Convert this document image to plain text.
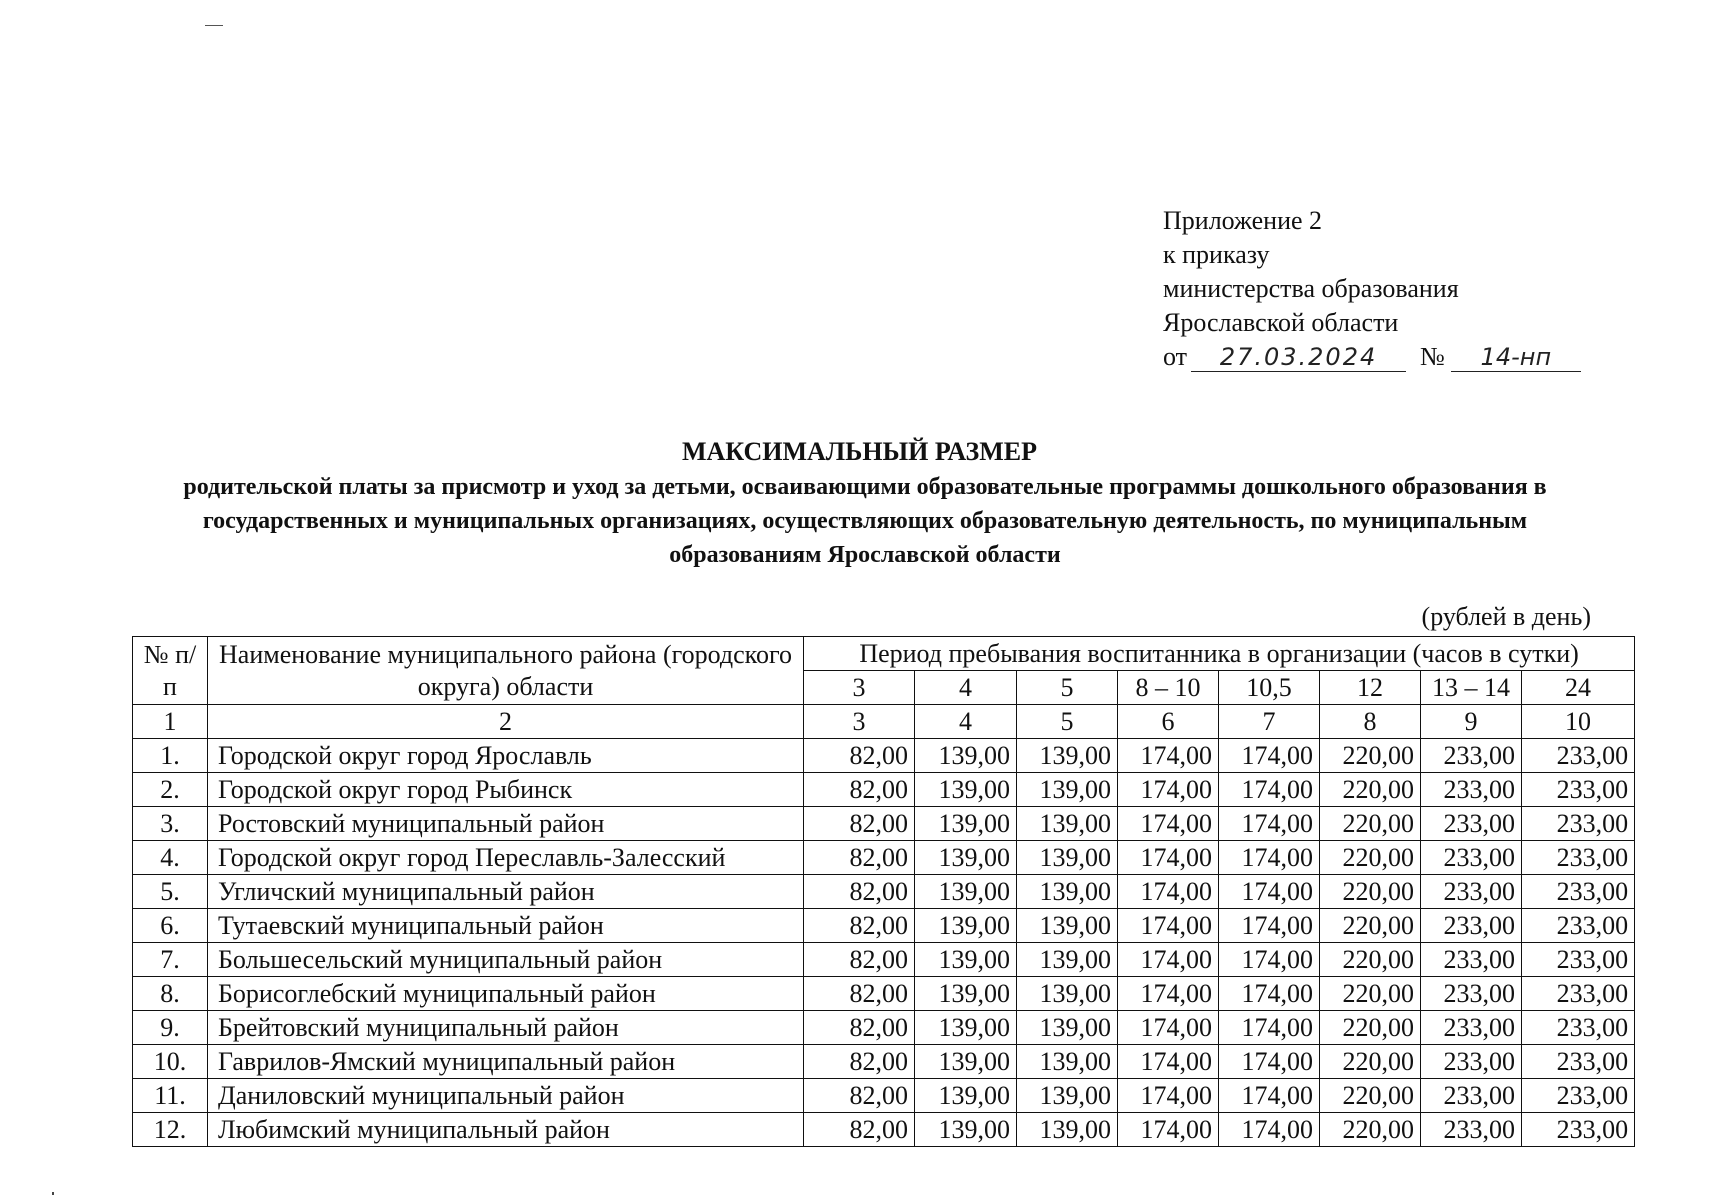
Приложение 2
к приказу
министерства образования
Ярославской области
от 27.03.2024 № 14-нп
МАКСИМАЛЬНЫЙ РАЗМЕР
родительской платы за присмотр и уход за детьми, осваивающими образовательные программы дошкольного образования в государственных и муниципальных организациях, осуществляющих образовательную деятельность, по муниципальным образованиям Ярославской области
(рублей в день)
№ п/п	Наименование муниципального района (городского округа) области	Период пребывания воспитанника в организации (часов в сутки)							
		3	4	5	8 – 10	10,5	12	13 – 14	24
1	2	3	4	5	6	7	8	9	10
1.	Городской округ город Ярославль	82,00	139,00	139,00	174,00	174,00	220,00	233,00	233,00
2.	Городской округ город Рыбинск	82,00	139,00	139,00	174,00	174,00	220,00	233,00	233,00
3.	Ростовский муниципальный район	82,00	139,00	139,00	174,00	174,00	220,00	233,00	233,00
4.	Городской округ город Переславль-Залесский	82,00	139,00	139,00	174,00	174,00	220,00	233,00	233,00
5.	Угличский муниципальный район	82,00	139,00	139,00	174,00	174,00	220,00	233,00	233,00
6.	Тутаевский муниципальный район	82,00	139,00	139,00	174,00	174,00	220,00	233,00	233,00
7.	Большесельский муниципальный район	82,00	139,00	139,00	174,00	174,00	220,00	233,00	233,00
8.	Борисоглебский муниципальный район	82,00	139,00	139,00	174,00	174,00	220,00	233,00	233,00
9.	Брейтовский муниципальный район	82,00	139,00	139,00	174,00	174,00	220,00	233,00	233,00
10.	Гаврилов-Ямский муниципальный район	82,00	139,00	139,00	174,00	174,00	220,00	233,00	233,00
11.	Даниловский муниципальный район	82,00	139,00	139,00	174,00	174,00	220,00	233,00	233,00
12.	Любимский муниципальный район	82,00	139,00	139,00	174,00	174,00	220,00	233,00	233,00
